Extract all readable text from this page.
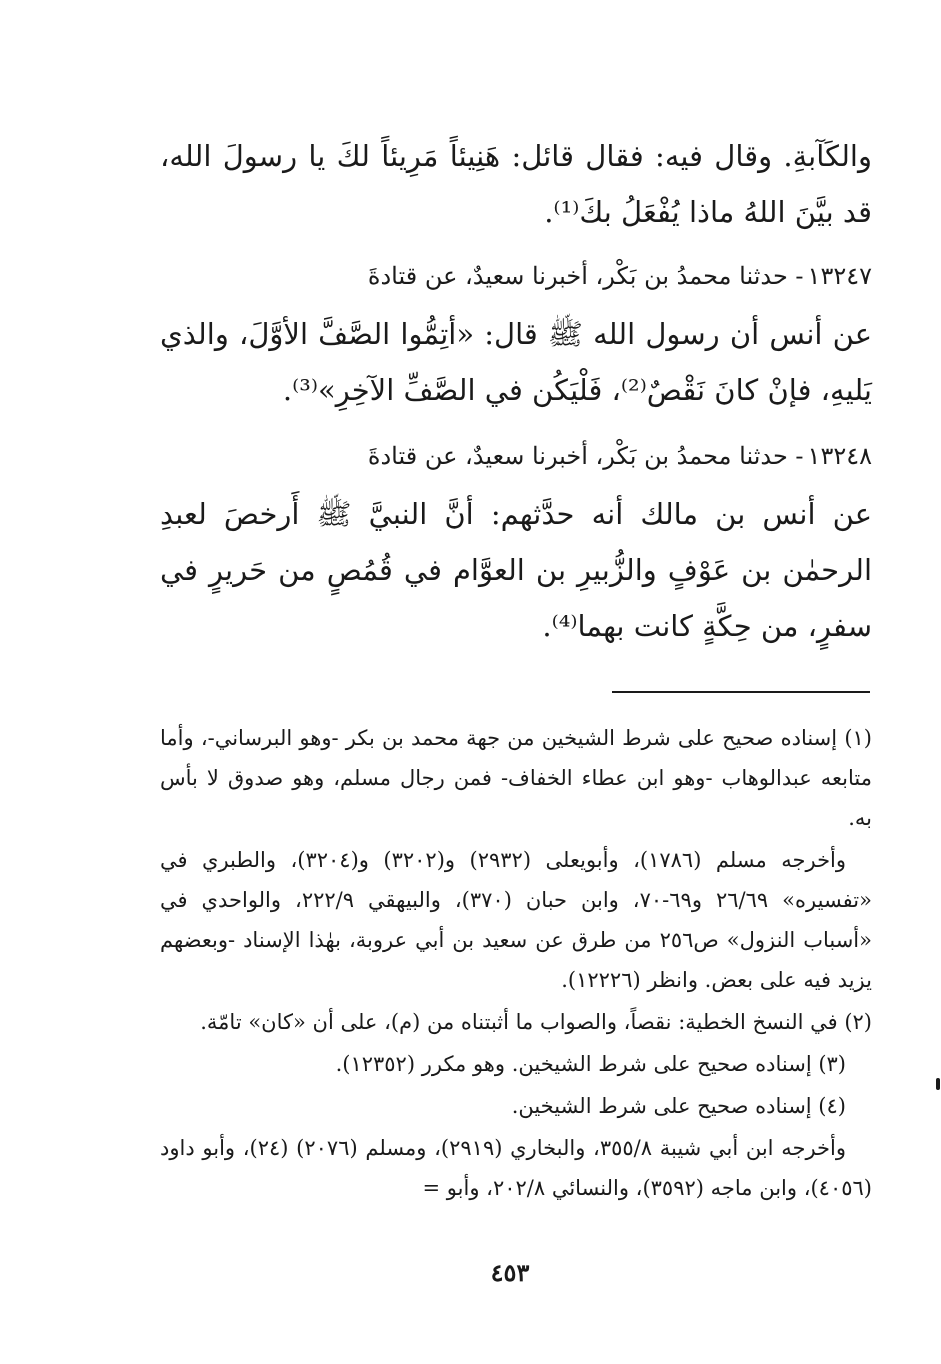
والكَآبةِ. وقال فيه: فقال قائل: هَنِيئاً مَرِيئاً لكَ يا رسولَ الله، قد بيَّنَ اللهُ ماذا يُفْعَلُ بكَ⁽¹⁾.

١٣٢٤٧- حدثنا محمدُ بن بَكْر، أخبرنا سعيدٌ، عن قتادةَ

عن أنس أن رسول الله ﷺ قال: «أتِمُّوا الصَّفَّ الأوَّلَ، والذي يَليهِ، فإنْ كانَ نَقْصٌ⁽²⁾، فَلْيَكُن في الصَّفِّ الآخِرِ»⁽³⁾.

١٣٢٤٨- حدثنا محمدُ بن بَكْر، أخبرنا سعيدٌ، عن قتادةَ

عن أنس بن مالك أنه حدَّثهم: أنَّ النبيَّ ﷺ أَرخصَ لعبدِ الرحمٰن بن عَوْفٍ والزُّبيرِ بن العوَّام في قُمُصٍ من حَريرٍ في سفرٍ، من حِكَّةٍ كانت بهما⁽⁴⁾.

(١) إسناده صحيح على شرط الشيخين من جهة محمد بن بكر -وهو البرساني-، وأما متابعه عبدالوهاب -وهو ابن عطاء الخفاف- فمن رجال مسلم، وهو صدوق لا بأس به.

وأخرجه مسلم (١٧٨٦)، وأبويعلى (٢٩٣٢) و(٣٢٠٢) و(٣٢٠٤)، والطبري في «تفسيره» ٢٦/٦٩ و٦٩-٧٠، وابن حبان (٣٧٠)، والبيهقي ٢٢٢/٩، والواحدي في «أسباب النزول» ص٢٥٦ من طرق عن سعيد بن أبي عروبة، بهٰذا الإسناد -وبعضهم يزيد فيه على بعض. وانظر (١٢٢٢٦).

(٢) في النسخ الخطية: نقصاً، والصواب ما أثبتناه من (م)، على أن «كان» تامّة.

(٣) إسناده صحيح على شرط الشيخين. وهو مكرر (١٢٣٥٢).

(٤) إسناده صحيح على شرط الشيخين.

وأخرجه ابن أبي شيبة ٣٥٥/٨، والبخاري (٢٩١٩)، ومسلم (٢٠٧٦) (٢٤)، وأبو داود (٤٠٥٦)، وابن ماجه (٣٥٩٢)، والنسائي ٢٠٢/٨، وأبو =

٤٥٣
